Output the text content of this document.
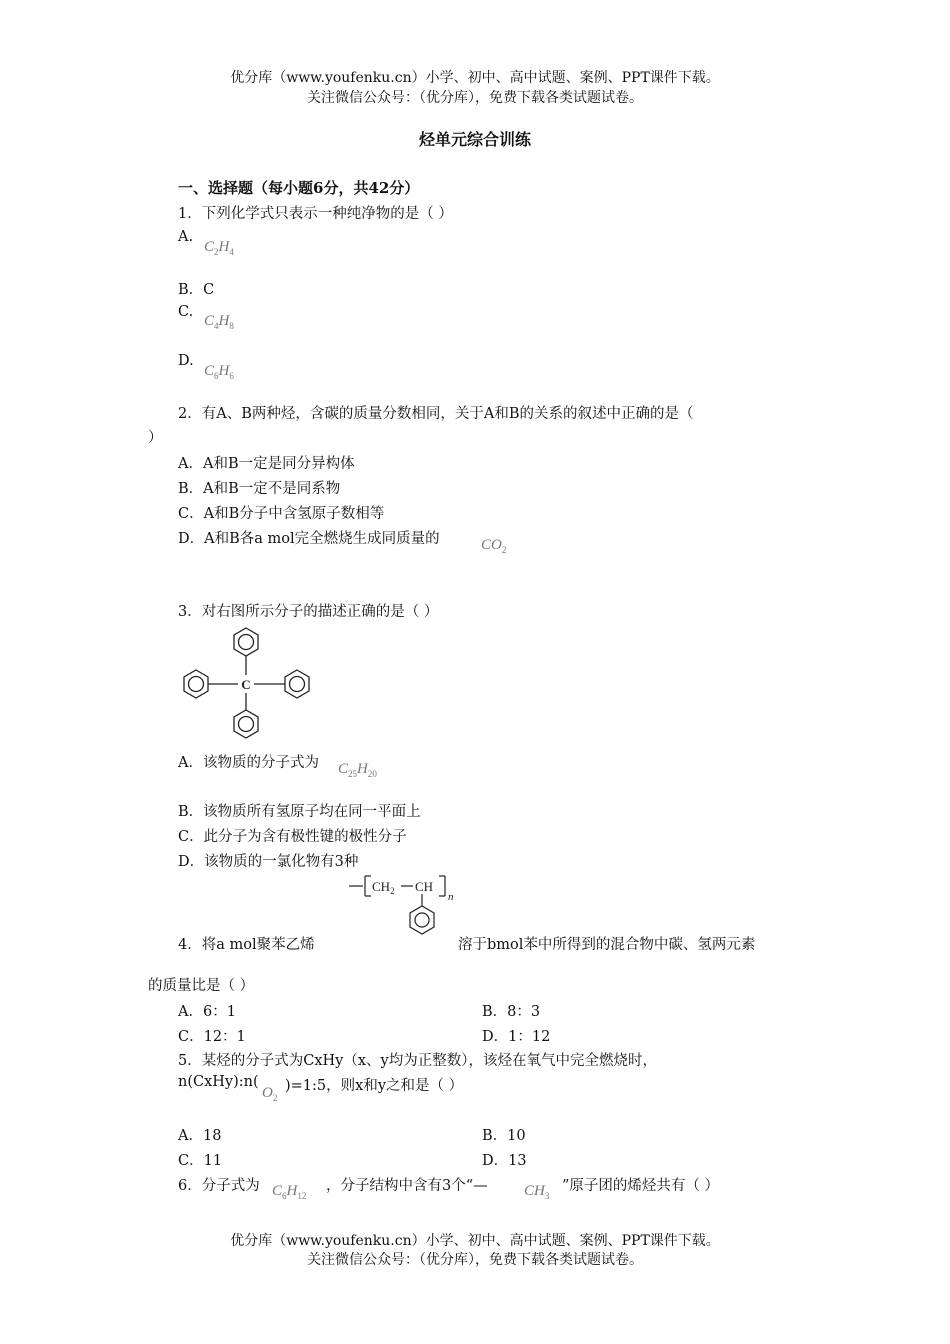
优分库（www.youfenku.cn）小学、初中、高中试题、案例、PPT课件下载。
关注微信公众号：（优分库），免费下载各类试题试卷。
烃单元综合训练
一、选择题（每小题6分，共42分）
1．下列化学式只表示一种纯净物的是（ ）
A.
$C_2H_4$
B．C
C.
$C_4H_8$
D.
$C_6H_6$
2．有A、B两种烃，含碳的质量分数相同，关于A和B的关系的叙述中正确的是（
）
A．A和B一定是同分异构体
B．A和B一定不是同系物
C．A和B分子中含氢原子数相等
D．A和B各a mol完全燃烧生成同质量的	$CO_2$
3．对右图所示分子的描述正确的是（ ）
C
A．该物质的分子式为 $C_{25}H_{20}$
B．该物质所有氢原子均在同一平面上
C．此分子为含有极性键的极性分子
D．该物质的一氯化物有3种
$CH_2$ CH
n
4．将a mol聚苯乙烯	溶于bmol苯中所得到的混合物中碳、氢两元素
的质量比是（ ）
A．6：1	B．8：3
C．12：1	D．1：12
5．某烃的分子式为CxHy（x、y均为正整数），该烃在氧气中完全燃烧时，
n(CxHy):n(
$O_2$
)=1:5，则x和y之和是（ ）
A．18	B．10
C．11	D．13
6．分子式为 $C_6H_{12}$
，分子结构中含有3个“— $CH_3$
”原子团的烯烃共有（ ）
优分库（www.youfenku.cn）小学、初中、高中试题、案例、PPT课件下载。
关注微信公众号：（优分库），免费下载各类试题试卷。
